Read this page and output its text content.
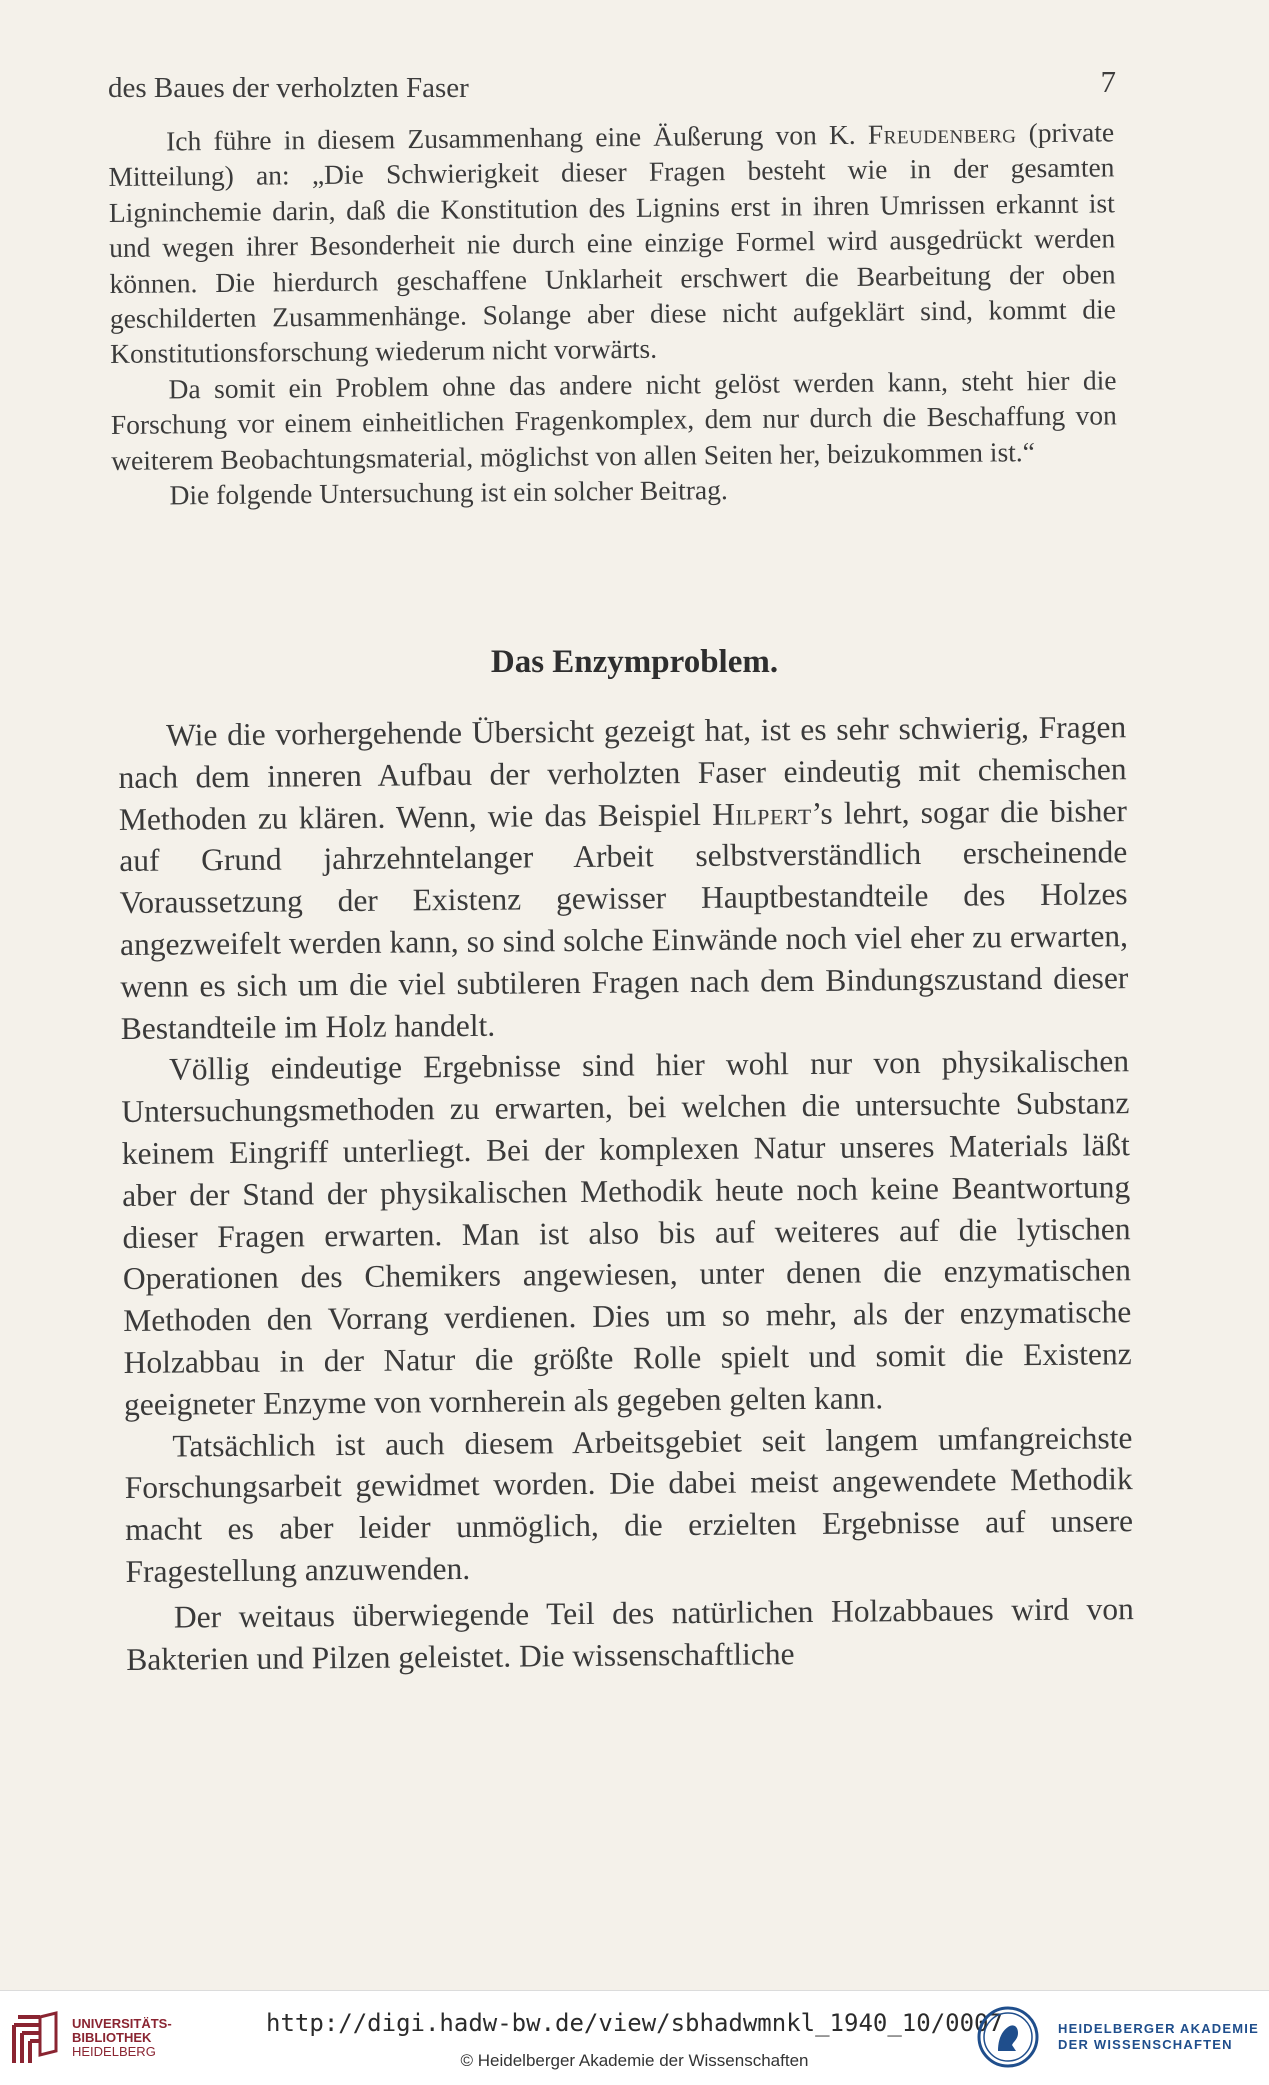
des Baues der verholzten Faser	7

Ich führe in diesem Zusammenhang eine Äußerung von K. Freudenberg (private Mitteilung) an: „Die Schwierigkeit dieser Fragen besteht wie in der gesamten Ligninchemie darin, daß die Konstitution des Lignins erst in ihren Umrissen erkannt ist und wegen ihrer Besonderheit nie durch eine einzige Formel wird ausgedrückt werden können. Die hierdurch geschaffene Unklarheit erschwert die Bearbeitung der oben geschilderten Zusammenhänge. Solange aber diese nicht aufgeklärt sind, kommt die Konstitutionsforschung wiederum nicht vorwärts.

Da somit ein Problem ohne das andere nicht gelöst werden kann, steht hier die Forschung vor einem einheitlichen Fragenkomplex, dem nur durch die Beschaffung von weiterem Beobachtungsmaterial, möglichst von allen Seiten her, beizukommen ist.“

Die folgende Untersuchung ist ein solcher Beitrag.

Das Enzymproblem.

Wie die vorhergehende Übersicht gezeigt hat, ist es sehr schwierig, Fragen nach dem inneren Aufbau der verholzten Faser eindeutig mit chemischen Methoden zu klären. Wenn, wie das Beispiel Hilpert’s lehrt, sogar die bisher auf Grund jahrzehntelanger Arbeit selbstverständlich erscheinende Voraussetzung der Existenz gewisser Hauptbestandteile des Holzes angezweifelt werden kann, so sind solche Einwände noch viel eher zu erwarten, wenn es sich um die viel subtileren Fragen nach dem Bindungszustand dieser Bestandteile im Holz handelt.

Völlig eindeutige Ergebnisse sind hier wohl nur von physikalischen Untersuchungsmethoden zu erwarten, bei welchen die untersuchte Substanz keinem Eingriff unterliegt. Bei der komplexen Natur unseres Materials läßt aber der Stand der physikalischen Methodik heute noch keine Beantwortung dieser Fragen erwarten. Man ist also bis auf weiteres auf die lytischen Operationen des Chemikers angewiesen, unter denen die enzymatischen Methoden den Vorrang verdienen. Dies um so mehr, als der enzymatische Holzabbau in der Natur die größte Rolle spielt und somit die Existenz geeigneter Enzyme von vornherein als gegeben gelten kann.

Tatsächlich ist auch diesem Arbeitsgebiet seit langem umfangreichste Forschungsarbeit gewidmet worden. Die dabei meist angewendete Methodik macht es aber leider unmöglich, die erzielten Ergebnisse auf unsere Fragestellung anzuwenden.

Der weitaus überwiegende Teil des natürlichen Holzabbaues wird von Bakterien und Pilzen geleistet. Die wissenschaftliche

UNIVERSITÄTS-
BIBLIOTHEK
HEIDELBERG
http://digi.hadw-bw.de/view/sbhadwmnkl_1940_10/0007
© Heidelberger Akademie der Wissenschaften
HEIDELBERGER AKADEMIE
DER WISSENSCHAFTEN
